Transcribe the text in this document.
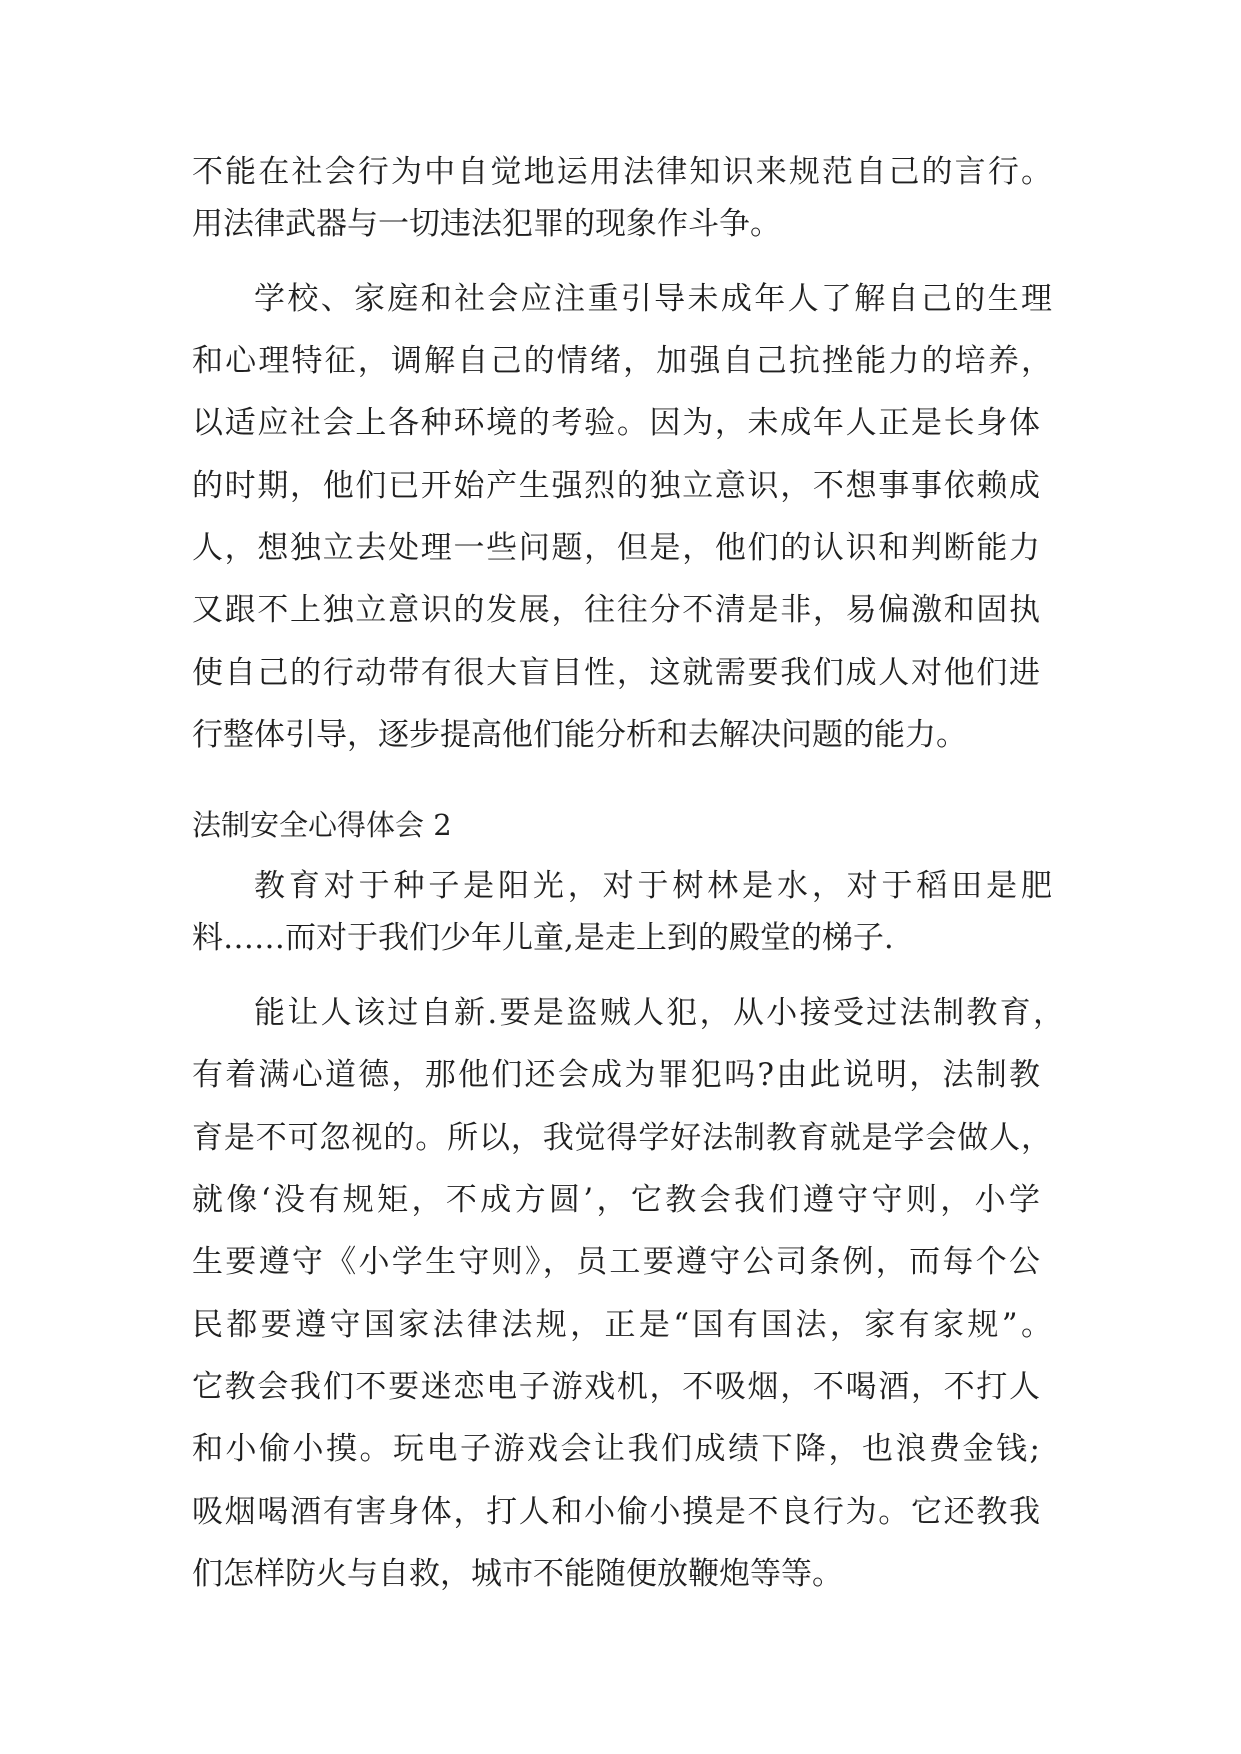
不能在社会行为中自觉地运用法律知识来规范自己的言行。
用法律武器与一切违法犯罪的现象作斗争。
学校、家庭和社会应注重引导未成年人了解自己的生理
和心理特征，调解自己的情绪，加强自己抗挫能力的培养，
以适应社会上各种环境的考验。因为，未成年人正是长身体
的时期，他们已开始产生强烈的独立意识，不想事事依赖成
人，想独立去处理一些问题，但是，他们的认识和判断能力
又跟不上独立意识的发展，往往分不清是非，易偏激和固执
使自己的行动带有很大盲目性，这就需要我们成人对他们进
行整体引导，逐步提高他们能分析和去解决问题的能力。
法制安全心得体会 2
教育对于种子是阳光，对于树林是水，对于稻田是肥
料……而对于我们少年儿童,是走上到的殿堂的梯子.
能让人该过自新.要是盗贼人犯，从小接受过法制教育，
有着满心道德，那他们还会成为罪犯吗?由此说明，法制教
育是不可忽视的。所以，我觉得学好法制教育就是学会做人，
就像‘没有规矩，不成方圆’，它教会我们遵守守则，小学
生要遵守《小学生守则》，员工要遵守公司条例，而每个公
民都要遵守国家法律法规，正是“国有国法，家有家规”。
它教会我们不要迷恋电子游戏机，不吸烟，不喝酒，不打人
和小偷小摸。玩电子游戏会让我们成绩下降，也浪费金钱;
吸烟喝酒有害身体，打人和小偷小摸是不良行为。它还教我
们怎样防火与自救，城市不能随便放鞭炮等等。
